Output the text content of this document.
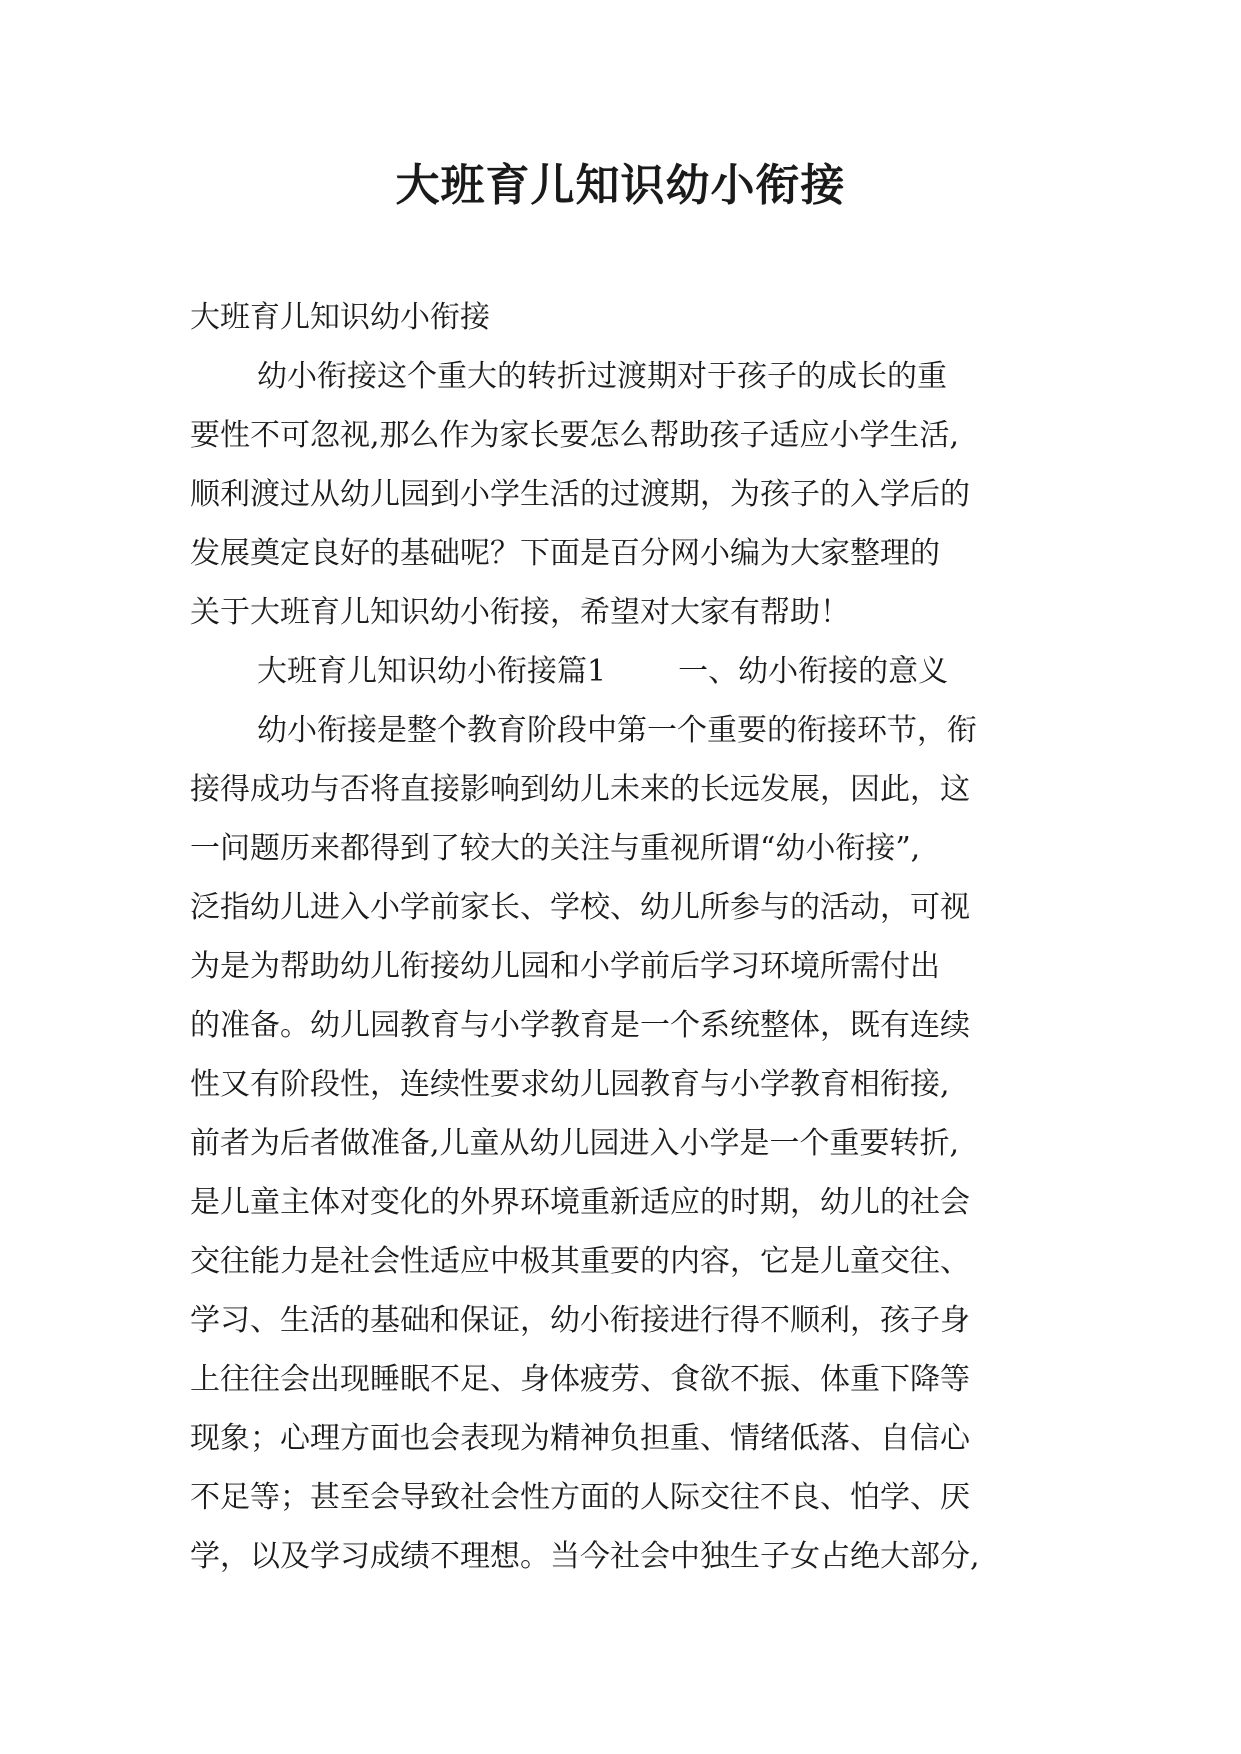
大班育儿知识幼小衔接
大班育儿知识幼小衔接
幼小衔接这个重大的转折过渡期对于孩子的成长的重
要性不可忽视,那么作为家长要怎么帮助孩子适应小学生活,
顺利渡过从幼儿园到小学生活的过渡期，为孩子的入学后的
发展奠定良好的基础呢？下面是百分网小编为大家整理的
关于大班育儿知识幼小衔接，希望对大家有帮助！
大班育儿知识幼小衔接篇1 一、幼小衔接的意义
幼小衔接是整个教育阶段中第一个重要的衔接环节，衔
接得成功与否将直接影响到幼儿未来的长远发展，因此，这
一问题历来都得到了较大的关注与重视所谓“幼小衔接”,
泛指幼儿进入小学前家长、学校、幼儿所参与的活动，可视
为是为帮助幼儿衔接幼儿园和小学前后学习环境所需付出
的准备。幼儿园教育与小学教育是一个系统整体，既有连续
性又有阶段性，连续性要求幼儿园教育与小学教育相衔接,
前者为后者做准备,儿童从幼儿园进入小学是一个重要转折,
是儿童主体对变化的外界环境重新适应的时期，幼儿的社会
交往能力是社会性适应中极其重要的内容，它是儿童交往、
学习、生活的基础和保证，幼小衔接进行得不顺利，孩子身
上往往会出现睡眠不足、身体疲劳、食欲不振、体重下降等
现象；心理方面也会表现为精神负担重、情绪低落、自信心
不足等；甚至会导致社会性方面的人际交往不良、怕学、厌
学，以及学习成绩不理想。当今社会中独生子女占绝大部分,
